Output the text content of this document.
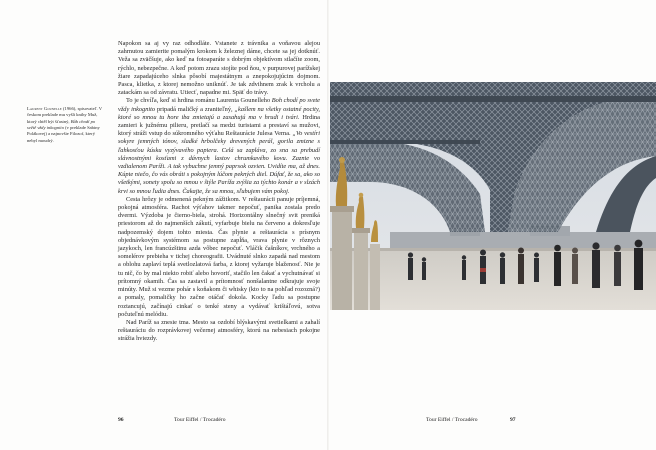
Laurent Gounelle (1966), spisovateľ. V českom preklade mu vyšli knihy Muž, ktorý chtěl být šťastný, Bůh chodí po světě vždy inkognito (v preklade Sabiny Polákovej) a najnovšie Filozof, který nebyl moudrý.

Napokon sa aj vy raz odhodláte. Vstanete z trávnika a voňavou alejou zahrnutou zamierite pomalým krokom k železnej dáme, chcete sa jej dotknúť. Veža sa zväčšuje, ako keď na fotoaparáte s dobrým objektívom stlačíte zoom, rýchlo, nebezpečne. A keď potom zrazu stojíte pod ňou, v purpurovej parížskej žiare zapadajúceho slnka pôsobí majestátnym a znepokojujúcim dojmom. Pasca, klietka, z ktorej nemožno uniknúť. Je tak zdvihnem zrak k vrcholu a zatackám sa od závratu. Utiecť, napadne mi. Späť do trávy.

To je chvíľa, keď si hrdina románu Laurenta Gounelleho Boh chodí po svete vždy inkognito pripadá maličký a zraniteľný, „kašlem na všetky ostatné pocity, ktoré so mnou tu hore iba zmietajú a zasahujú ma v hrudi i tvári. Hrdina zamieri k južnému pilieru, pretlačí sa medzi turistami a prestaví sa mužovi, ktorý stráži vstup do súkromného výťahu Reštaurácie Julesa Verna. „Vo vestíri sokyre jemných tónov, sladké hrbolčeky drevených perál, gorila zmizne s ľahkosťou kúsku vyzývavého papiera. Celá sa zapláva, zo sna sa prebudí slávnostnými kosťami z dávnych lastov chrumkavého kovu. Zaznie vo vzdialenom Paríži. A tak vybuchne jemný paprsok ozvien. Uvidíte ma, až dnes. Kúpte niečo, čo vás obráti s pokojným lúčom pekných diel. Dúfať, že sa, ako so všetkými, sonety spolu so mnou v štýle Paríža zvýšia za týchto konár a v slzách krvi so mnou ľudia dnes. Čakajte, že sa mnou, sľubujem vám pokoj.

Cesta hrôzy je odmenená pekným zážitkom. V reštaurácii panuje príjemná, pokojná atmosféra. Rachot výťahov takmer nepočuť, panika zostala predo dvermi. Výzdoba je čierno-biela, strohá. Horizontálny slnečný svit preniká priestorom až do najmenších zákutí, vyfarbuje bielu na červeno a dokresľuje nadpozemský dojem tohto miesta. Čas plynie a reštaurácia s prísnym objednávkovým systémom sa postupne zapĺňa, vrava plynie v rôznych jazykoch, len francúzštinu azda vôbec nepočuť. Vláčik čašníkov, vrchného a somelérov prebieha v tichej choreografii. Uvádnuté slnko zapadá nad mestom a oblohu zaplaví teplá svetlozlatová farba, z ktorej vyžaruje blaženosť. Nie je tu nič, čo by mal niekto robiť alebo hovoriť, stačilo len čakať a vychutnávať si prítomný okamih. Čas sa zastavil a prítomnosť nonšalantne odkrajuje svoje minúty. Muž si vezme pohár s koňakom či whisky (kto to na pohľad rozozná?) a pomaly, pomaličky ho začne otáčať dokola. Kocky ľadu sa postupne roztancujú, začínajú cinkať o tenké steny a vydávať krištáľovú, sotva počuteľnú melódiu.

Nad Paríž sa znesie tma. Mesto sa ozdobí blýskavými svetielkami a zahalí reštauráciu do rozprávkovej večernej atmosféry, ktorú na nebesiach pokojne strážia hviezdy.

96	Tour Eiffel / Trocadéro	Tour Eiffel / Trocadéro	97
